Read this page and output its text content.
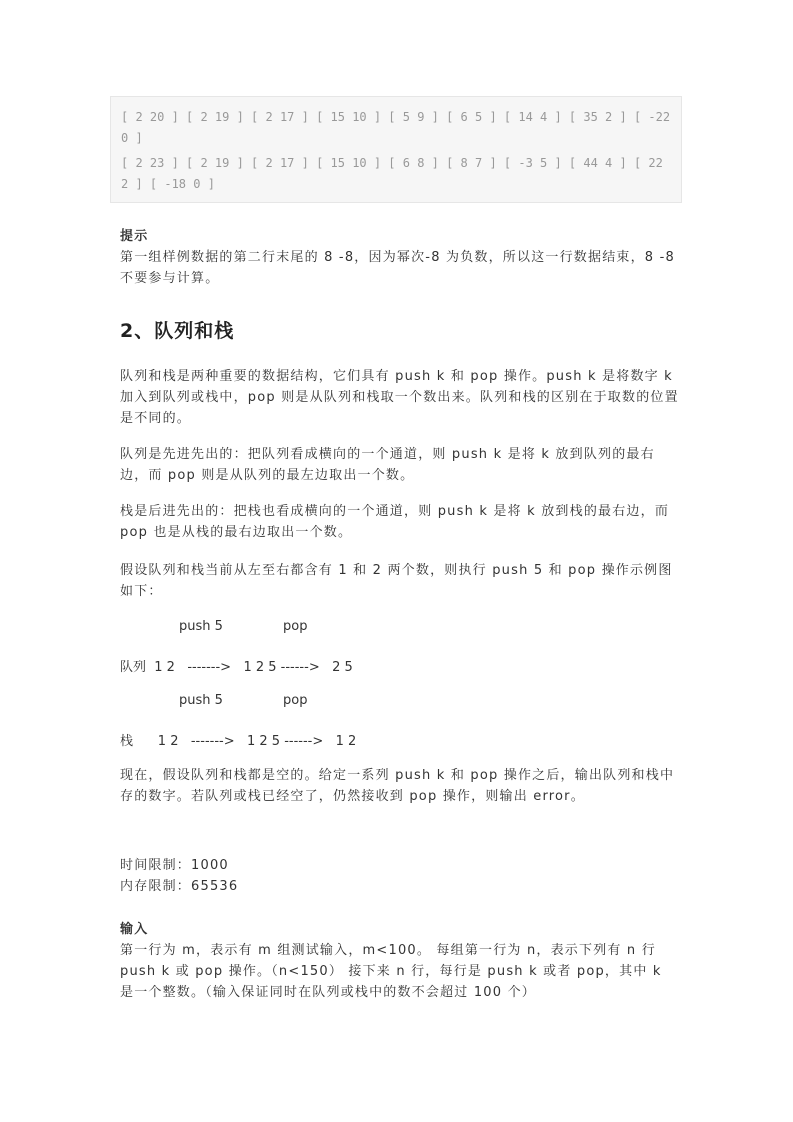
[ 2 20 ] [ 2 19 ] [ 2 17 ] [ 15 10 ] [ 5 9 ] [ 6 5 ] [ 14 4 ] [ 35 2 ] [ -22 0 ]
[ 2 23 ] [ 2 19 ] [ 2 17 ] [ 15 10 ] [ 6 8 ] [ 8 7 ] [ -3 5 ] [ 44 4 ] [ 22 2 ] [ -18 0 ]
提示
第一组样例数据的第二行末尾的 8 -8，因为幂次-8 为负数，所以这一行数据结束，8 -8 不要参与计算。
2、队列和栈
队列和栈是两种重要的数据结构，它们具有 push k 和 pop 操作。push k 是将数字 k 加入到队列或栈中，pop 则是从队列和栈取一个数出来。队列和栈的区别在于取数的位置是不同的。
队列是先进先出的：把队列看成横向的一个通道，则 push k 是将 k 放到队列的最右边，而 pop 则是从队列的最左边取出一个数。
栈是后进先出的：把栈也看成横向的一个通道，则 push k 是将 k 放到栈的最右边，而 pop 也是从栈的最右边取出一个数。
假设队列和栈当前从左至右都含有 1 和 2 两个数，则执行 push 5 和 pop 操作示例图如下：
push 5	pop
队列  1 2   ------->   1 2 5 ------>   2 5
push 5	pop
栈      1 2   ------->   1 2 5 ------>   1 2
现在，假设队列和栈都是空的。给定一系列 push k 和 pop 操作之后，输出队列和栈中存的数字。若队列或栈已经空了，仍然接收到 pop 操作，则输出 error。
时间限制：1000
内存限制：65536
输入
第一行为 m，表示有 m 组测试输入，m<100。 每组第一行为 n，表示下列有 n 行 push k 或 pop 操作。（n<150） 接下来 n 行，每行是 push k 或者 pop，其中 k 是一个整数。（输入保证同时在队列或栈中的数不会超过 100 个）
